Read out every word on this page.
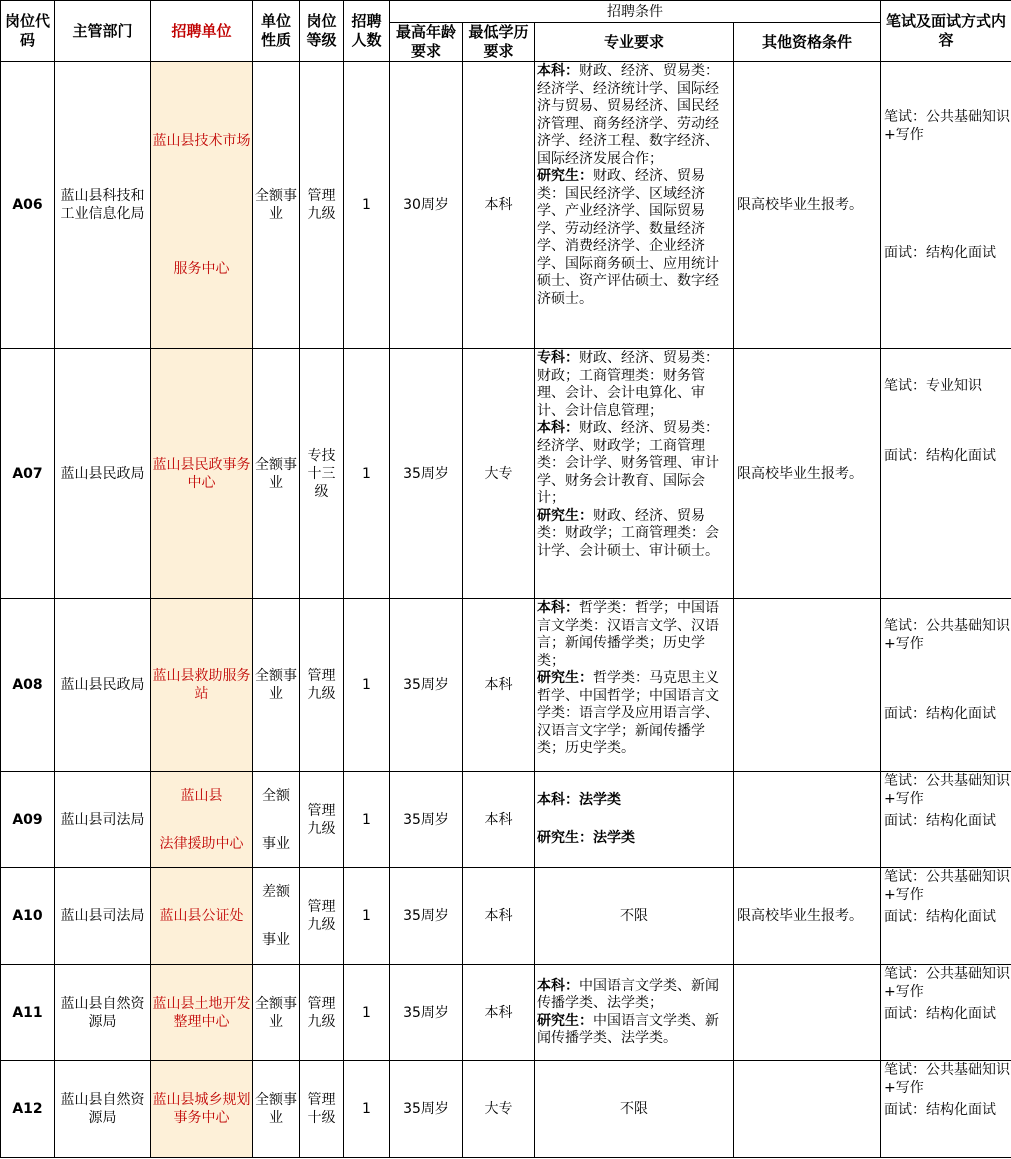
岗位代码	主管部门	招聘单位	单位性质	岗位等级	招聘人数	招聘条件				笔试及面试方式内容
						最高年龄要求	最低学历要求	专业要求	其他资格条件	
A06	蓝山县科技和工业信息化局	蓝山县技术市场
服务中心	全额事业	管理九级	1	30周岁	本科	本科：财政、经济、贸易类：经济学、经济统计学、国际经济与贸易、贸易经济、国民经济管理、商务经济学、劳动经济学、经济工程、数字经济、国际经济发展合作；
研究生：财政、经济、贸易类：国民经济学、区域经济学、产业经济学、国际贸易学、劳动经济学、数量经济学、消费经济学、企业经济学、国际商务硕士、应用统计硕士、资产评估硕士、数字经济硕士。	限高校毕业生报考。	笔试：公共基础知识+写作
面试：结构化面试

A07	蓝山县民政局	蓝山县民政事务中心	全额事业	专技十三级	1	35周岁	大专	专科：财政、经济、贸易类：财政；工商管理类：财务管理、会计、会计电算化、审计、会计信息管理；
本科：财政、经济、贸易类：经济学、财政学；工商管理类：会计学、财务管理、审计学、财务会计教育、国际会计；
研究生：财政、经济、贸易类：财政学；工商管理类：会计学、会计硕士、审计硕士。	限高校毕业生报考。	笔试：专业知识
面试：结构化面试

A08	蓝山县民政局	蓝山县救助服务站	全额事业	管理九级	1	35周岁	本科	本科：哲学类：哲学；中国语言文学类：汉语言文学、汉语言；新闻传播学类；历史学类；
研究生：哲学类：马克思主义哲学、中国哲学；中国语言文学类：语言学及应用语言学、汉语言文字学；新闻传播学类；历史学类。		笔试：公共基础知识+写作
面试：结构化面试

A09	蓝山县司法局	蓝山县
法律援助中心	全额
事业	管理九级	1	35周岁	本科	本科：法学类
研究生：法学类		笔试：公共基础知识+写作
面试：结构化面试

A10	蓝山县司法局	蓝山县公证处	差额
事业	管理九级	1	35周岁	本科	不限	限高校毕业生报考。	笔试：公共基础知识+写作
面试：结构化面试

A11	蓝山县自然资源局	蓝山县土地开发整理中心	全额事业	管理九级	1	35周岁	本科	本科：中国语言文学类、新闻传播学类、法学类；
研究生：中国语言文学类、新闻传播学类、法学类。		笔试：公共基础知识+写作
面试：结构化面试

A12	蓝山县自然资源局	蓝山县城乡规划事务中心	全额事业	管理十级	1	35周岁	大专	不限		笔试：公共基础知识+写作
面试：结构化面试
